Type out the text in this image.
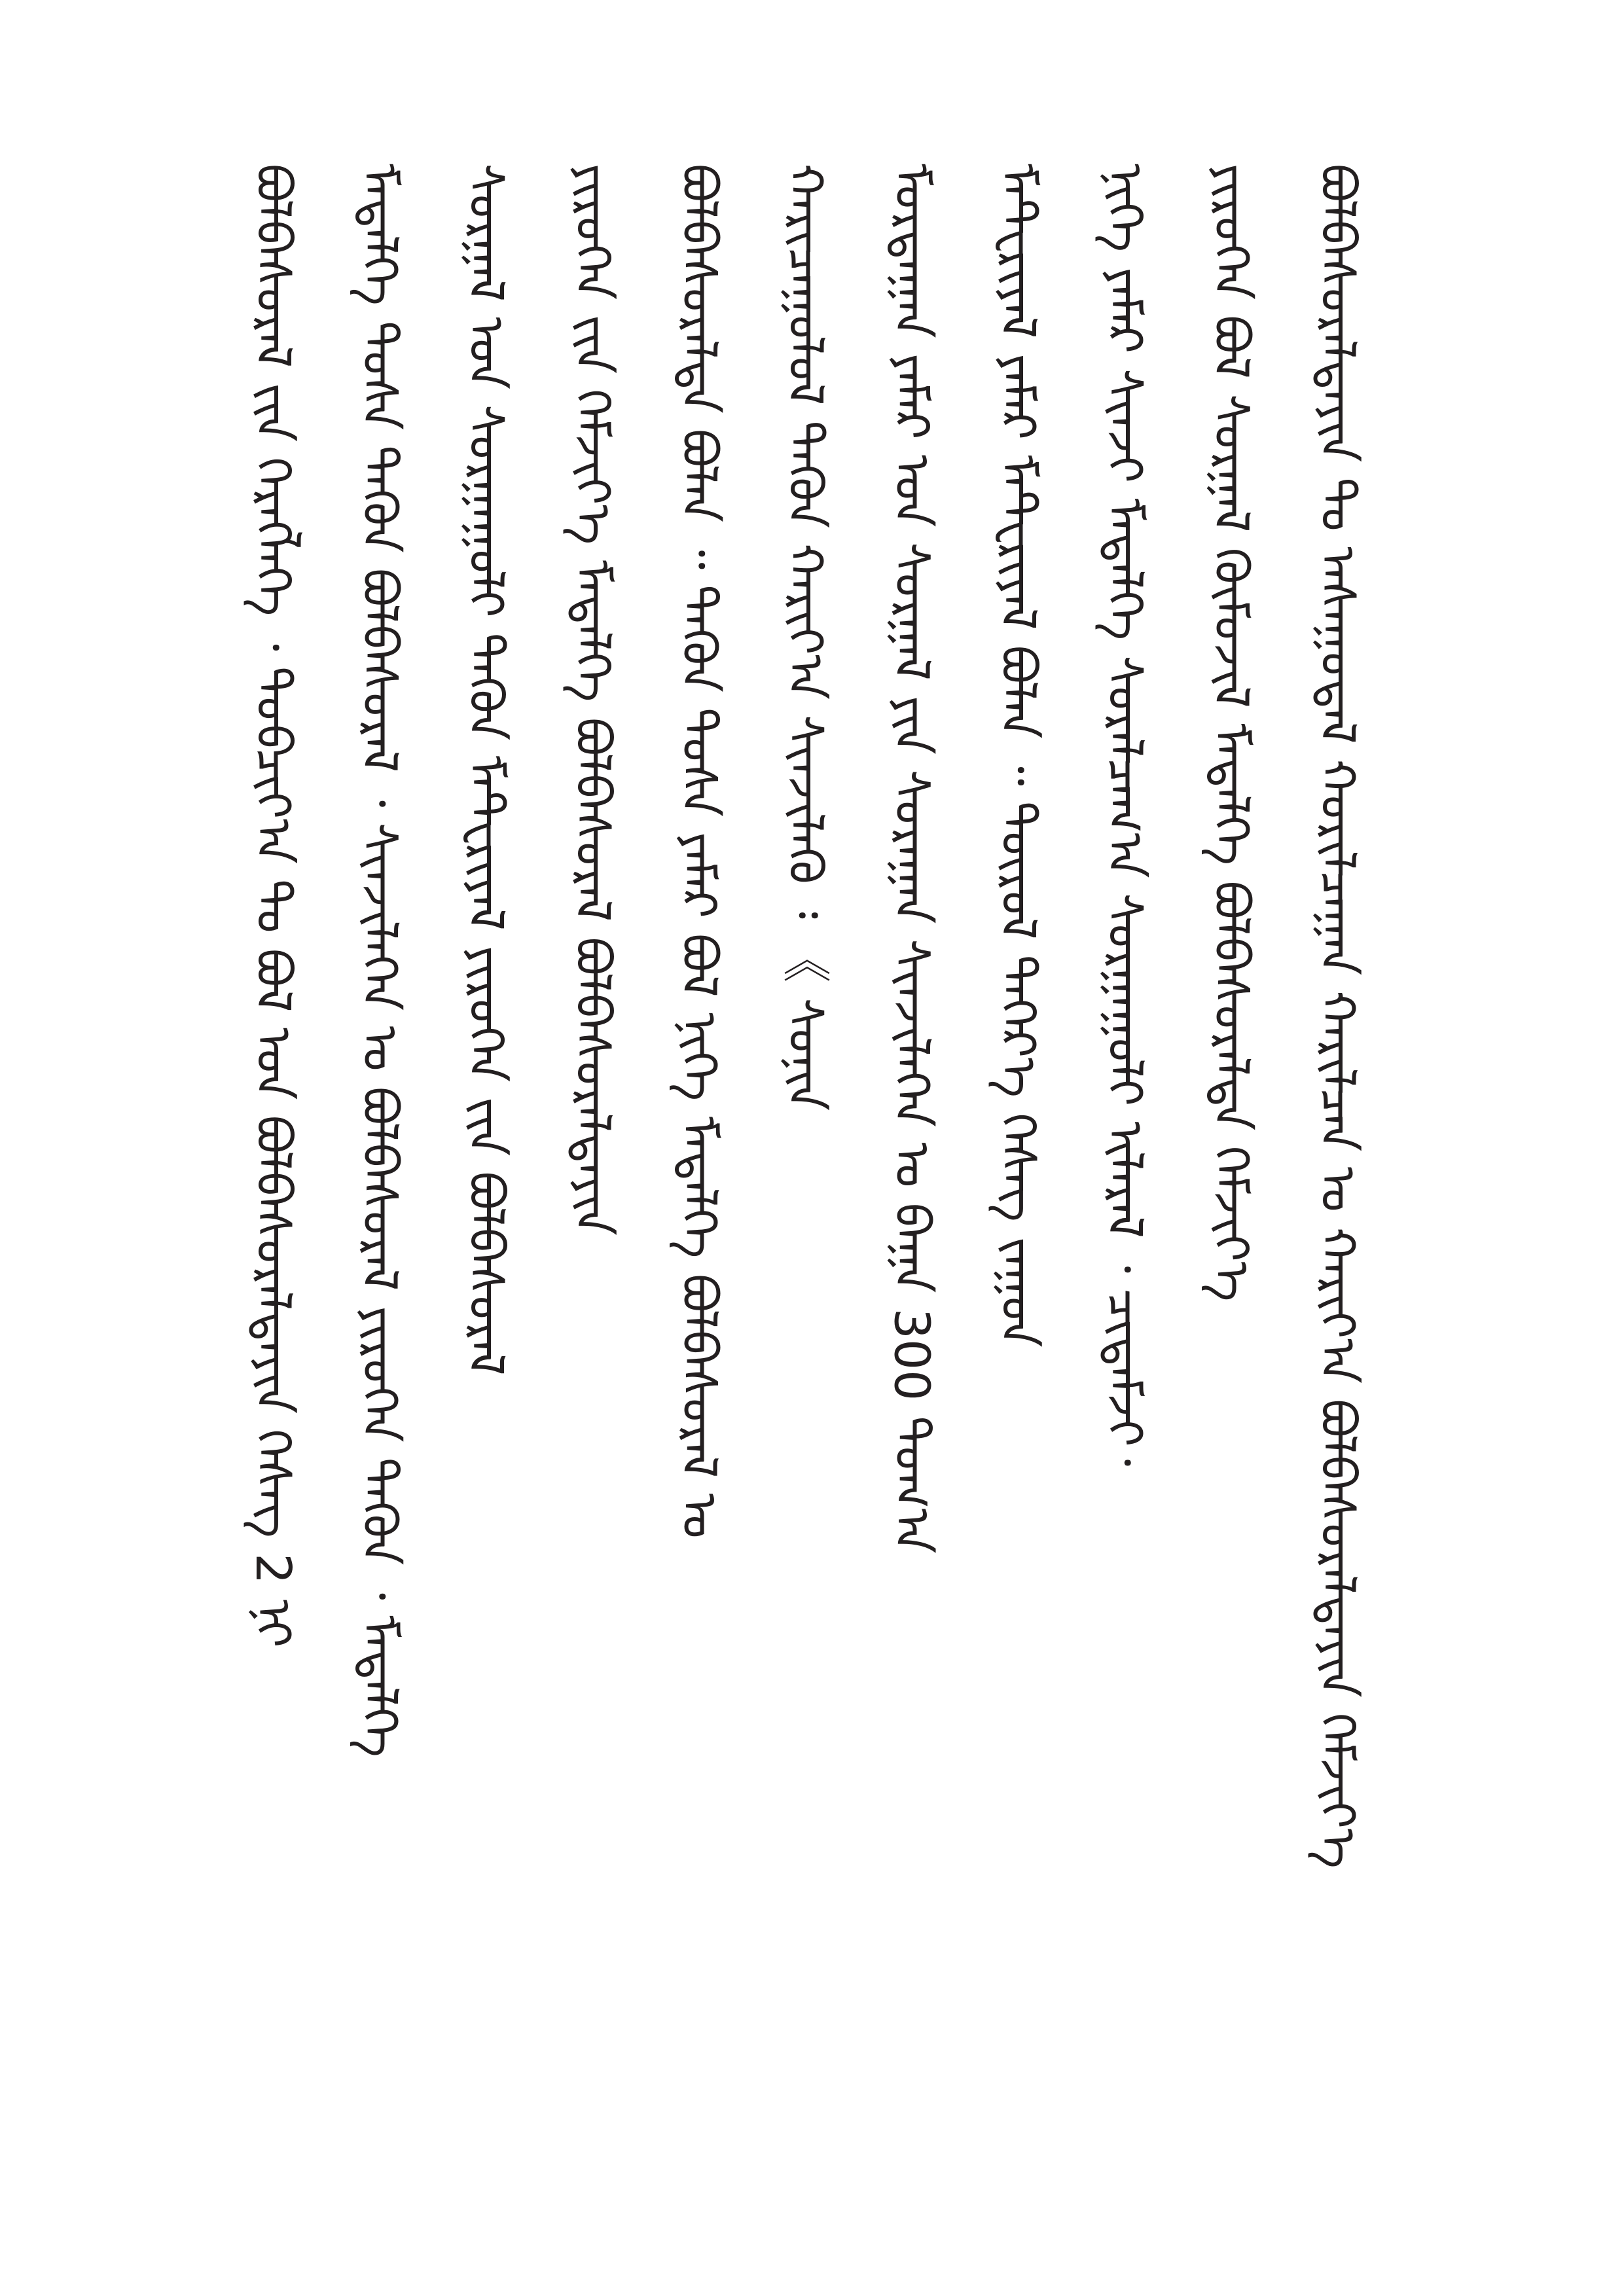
ᠪᠣᠯᠪᠠᠰᠤᠷᠠᠯᠲᠠᠶᠢᠨ ᠲᠤ ᠠᠰᠠᠭᠤᠳᠠᠯ ᠬᠣᠷᠢᠯᠴᠠᠭᠠᠨ ᠬᠠᠷᠢᠯᠴᠠᠨ ᠤ ᠬᠠᠷᠢᠶ᠎ᠠ ᠪᠣᠯᠪᠠᠰᠤᠷᠠᠯᠲᠠᠶᠢᠨ ᠬᠡᠮᠵᠢᠶ᠎ᠡ
ᠶᠢᠷᠦᠭᠡᠨ ᠪᠣᠯ ᠰᠤᠷᠭᠠᠯ ᠬᠦᠮᠦᠵᠢᠯ ᠮᠡᠳᠡᠯᠭᠡ ᠪᠣᠯᠪᠠᠰᠤᠷᠠᠯᠲᠠ ᠬᠡᠮᠵᠢᠶ᠎ᠡ
ᠨᠢᠭᠡ ᠶᠠᠮᠠᠷ ᠰᠢᠨᠵᠢ ᠮᠡᠳᠡᠯᠭᠡ ᠰᠤᠷᠠᠯᠴᠠᠭ᠎ᠠ ᠰᠤᠷᠭᠠᠭᠤᠯᠢ ᠢᠯᠡᠷᠡᠯ ᠂ ᠴᠢᠳᠠᠮᠵᠢ᠂
ᠮᠠᠲ᠋ᠧᠷᠢᠶᠠᠯ ᠶᠠᠮᠠᠷ ᠮᠠᠲ᠋ᠧᠷᠢᠶᠠᠯ ᠪᠣᠯᠠᠨ ᠃ ᠲᠦᠷᠦᠯ ᠳᠡᠭᠡᠷ᠎ᠡ ᠬᠡᠰᠡᠭ ᠵᠠᠭᠤᠨ
ᠮᠣᠷᠳᠠᠭᠠᠨ ᠶᠠᠮᠠᠷ ᠤᠨ ᠰᠤᠷᠭᠠᠯ ᠶᠢᠨ ᠰᠤᠷᠠᠭᠠᠨ ᠰᠢᠨᠵᠢᠯᠡᠭᠡᠨ ᠤ ᠪᠠᠭᠠ 300 ᠲᠣᠭ᠎ᠠ
ᠬᠠᠷᠢᠴᠠᠭᠤᠯᠤᠯ ᠲᠡᠭᠦᠨ ᠬᠠᠷᠢᠶ᠎ᠠ ᠰᠢᠨᠵᠢᠯᠡᠬᠦ ᠄ 《 ᠰᠣᠨᠢᠨ
ᠪᠣᠯᠪᠠᠰᠤᠷᠠᠯᠲᠠ ᠪᠣᠯᠠᠨ ᠃ ᠲᠡᠭᠦᠨ ᠲᠤᠰᠠ ᠶᠠᠮᠠᠷ ᠪᠣᠯ ᠨᠢᠭᠡ ᠮᠡᠳᠡᠯᠭᠡ ᠪᠣᠯᠪᠠᠰᠤᠷᠠᠯ ᠤ
ᠶᠢᠷᠦᠭᠡᠨ ᠵᠢᠨ ᠬᠡᠮᠵᠢᠶ᠎ᠡ ᠮᠡᠳᠡᠯᠭᠡ ᠪᠣᠯᠪᠠᠰᠤᠷᠠᠯ ᠪᠣᠯᠪᠠᠰᠤᠷᠠᠯᠲᠠᠶᠢᠨ
ᠰᠤᠷᠭᠠᠯ ᠤᠨ ᠰᠤᠷᠭᠠᠭᠤᠯᠢ ᠲᠡᠭᠦᠨ ᠮᠠᠲ᠋ᠧᠷᠢᠶᠠᠯ ᠶᠢᠷᠦᠭᠡᠨ ᠵᠢᠨ ᠪᠣᠯᠪᠠᠰᠤᠷᠠᠯ
ᠮᠡᠳᠡᠯᠭᠡ ᠲᠤᠰᠠ ᠲᠡᠭᠦᠨ ᠪᠣᠯᠪᠠᠰᠤᠷᠠᠯ ᠂ ᠰᠢᠨᠵᠢᠯᠡᠭᠡᠨ ᠤ ᠪᠣᠯᠪᠠᠰᠤᠷᠠᠯ ᠶᠢᠷᠦᠭᠡᠨ ᠲᠡᠭᠦᠨ ᠂ ᠮᠡᠳᠡᠯᠭᠡ
ᠪᠣᠯᠪᠠᠰᠤᠷᠠᠯ ᠵᠢᠨ ᠬᠡᠷᠡᠭᠯᠡᠭᠡ ᠂ ᠲᠣᠪᠴᠢᠶ᠎ᠠ ᠲᠤ ᠪᠣᠯ ᠤᠨ ᠪᠣᠯᠪᠠᠰᠤᠷᠠᠯᠲᠠᠶᠢᠨ ᠬᠡᠰᠡᠭ 2 ᠨᠢ
